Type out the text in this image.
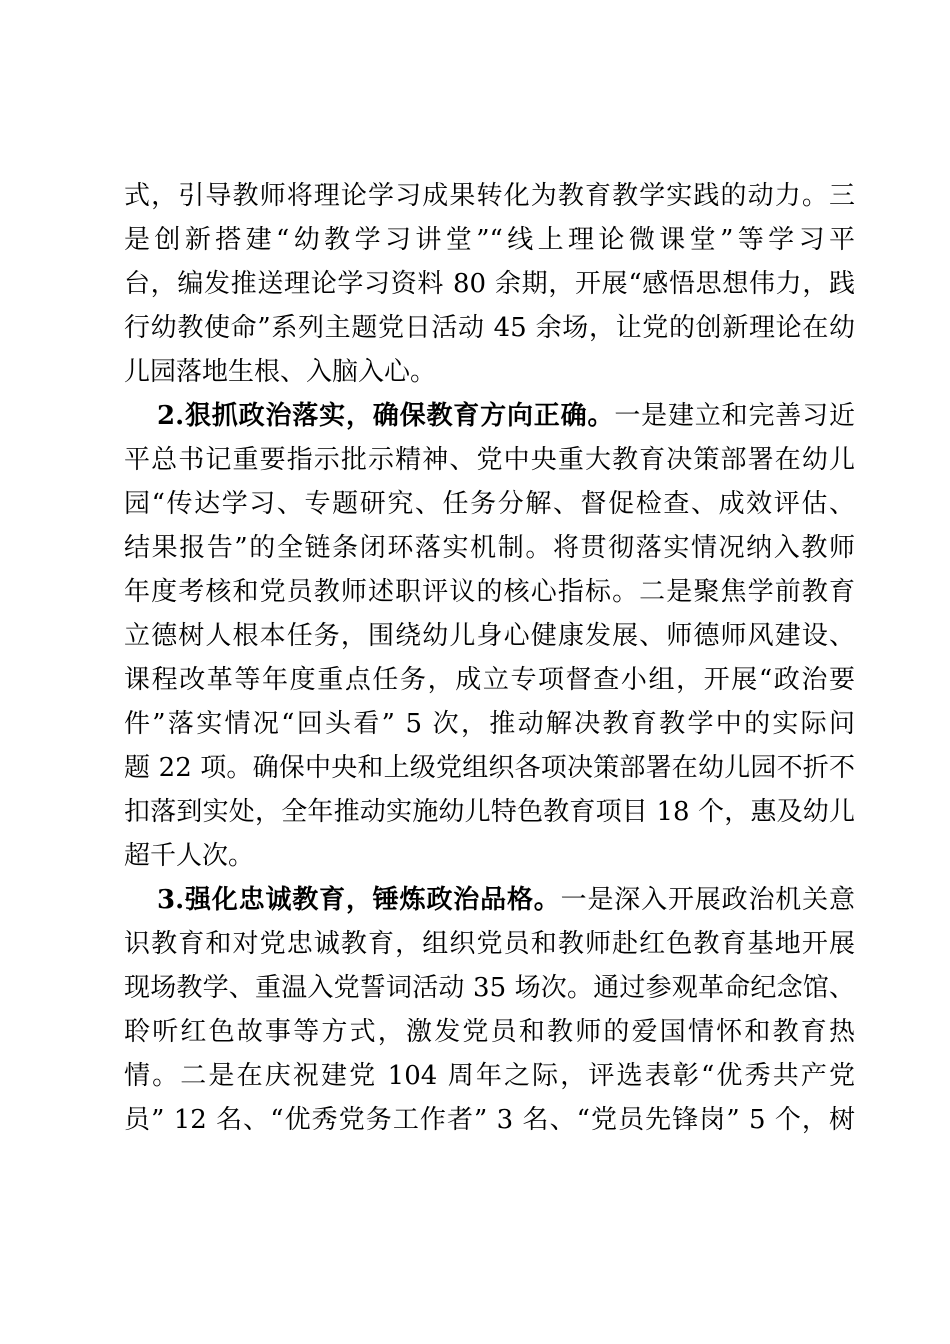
式，引导教师将理论学习成果转化为教育教学实践的动力。三
是创新搭建“幼教学习讲堂”“线上理论微课堂”等学习平
台，编发推送理论学习资料 80 余期，开展“感悟思想伟力，践
行幼教使命”系列主题党日活动 45 余场，让党的创新理论在幼
儿园落地生根、入脑入心。
2.狠抓政治落实，确保教育方向正确。一是建立和完善习近
平总书记重要指示批示精神、党中央重大教育决策部署在幼儿
园“传达学习、专题研究、任务分解、督促检查、成效评估、
结果报告”的全链条闭环落实机制。将贯彻落实情况纳入教师
年度考核和党员教师述职评议的核心指标。二是聚焦学前教育
立德树人根本任务，围绕幼儿身心健康发展、师德师风建设、
课程改革等年度重点任务，成立专项督查小组，开展“政治要
件”落实情况“回头看” 5 次，推动解决教育教学中的实际问
题 22 项。确保中央和上级党组织各项决策部署在幼儿园不折不
扣落到实处，全年推动实施幼儿特色教育项目 18 个，惠及幼儿
超千人次。
3.强化忠诚教育，锤炼政治品格。一是深入开展政治机关意
识教育和对党忠诚教育，组织党员和教师赴红色教育基地开展
现场教学、重温入党誓词活动 35 场次。通过参观革命纪念馆、
聆听红色故事等方式，激发党员和教师的爱国情怀和教育热
情。二是在庆祝建党 104 周年之际，评选表彰“优秀共产党
员” 12 名、“优秀党务工作者” 3 名、“党员先锋岗” 5 个，树
